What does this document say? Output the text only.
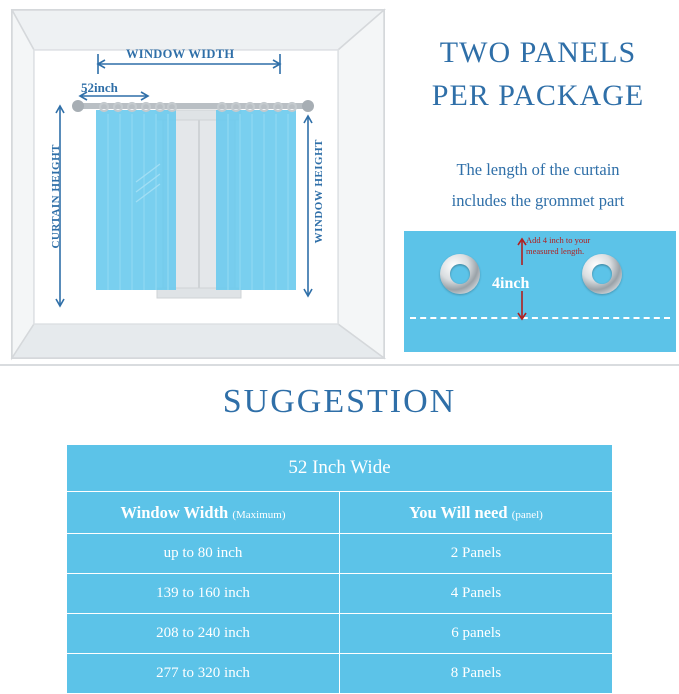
WINDOW WIDTH
52inch
CURTAIN HEIGHT	WINDOW HEIGHT
TWO PANELS
PER PACKAGE
The length of the curtain
includes the grommet part
Add 4 inch to your
measured length.
4inch
SUGGESTION
52 Inch Wide	
Window Width (Maximum)	You Will need (panel)
up to 80 inch	2 Panels
139 to 160 inch	4 Panels
208 to 240 inch	6 panels
277 to 320 inch	8 Panels
